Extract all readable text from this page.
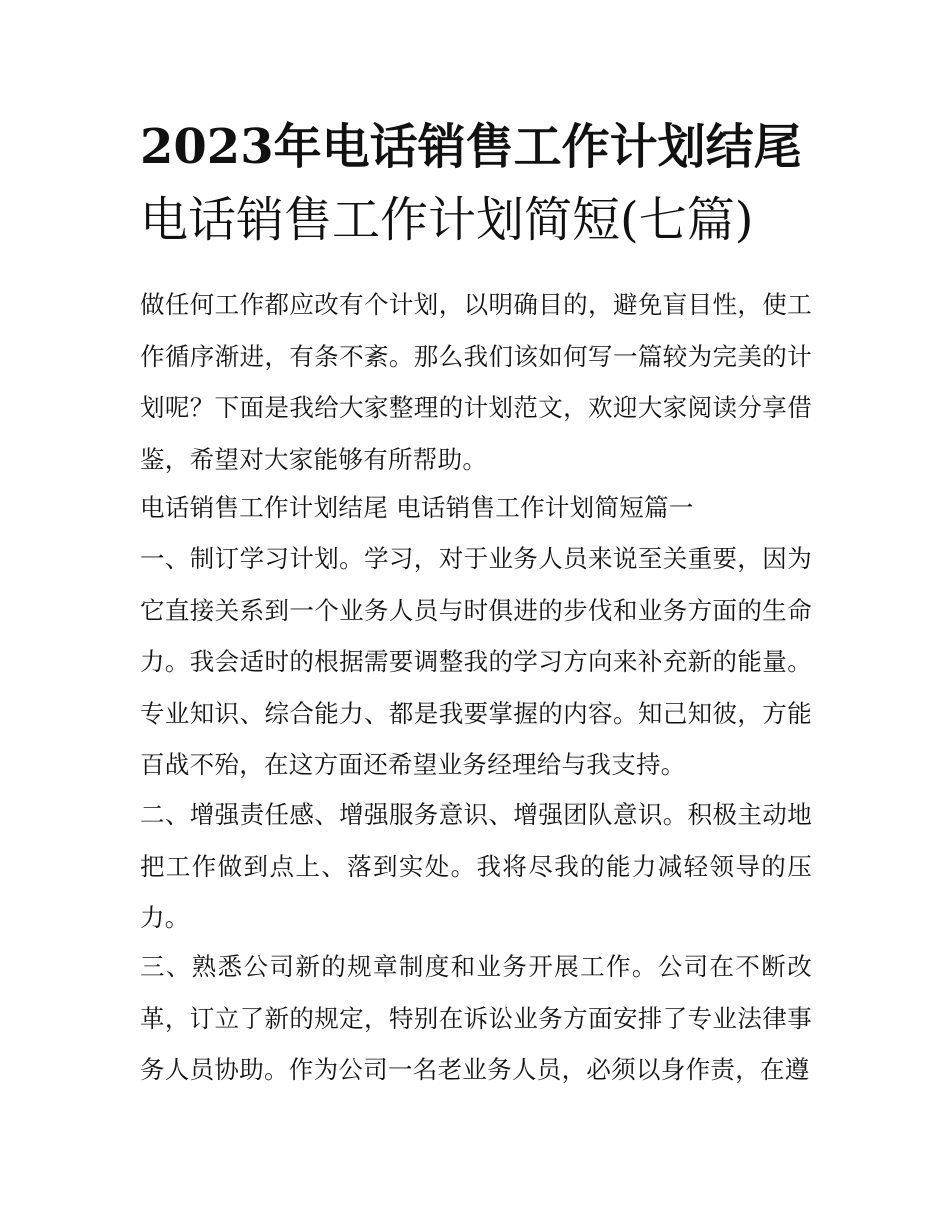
2023年电话销售工作计划结尾
电话销售工作计划简短(七篇)

做任何工作都应改有个计划，以明确目的，避免盲目性，使工作循序渐进，有条不紊。那么我们该如何写一篇较为完美的计划呢？下面是我给大家整理的计划范文，欢迎大家阅读分享借鉴，希望对大家能够有所帮助。

电话销售工作计划结尾 电话销售工作计划简短篇一

一、制订学习计划。学习，对于业务人员来说至关重要，因为它直接关系到一个业务人员与时俱进的步伐和业务方面的生命力。我会适时的根据需要调整我的学习方向来补充新的能量。专业知识、综合能力、都是我要掌握的内容。知己知彼，方能百战不殆，在这方面还希望业务经理给与我支持。

二、增强责任感、增强服务意识、增强团队意识。积极主动地把工作做到点上、落到实处。我将尽我的能力减轻领导的压力。

三、熟悉公司新的规章制度和业务开展工作。公司在不断改革，订立了新的规定，特别在诉讼业务方面安排了专业法律事务人员协助。作为公司一名老业务人员，必须以身作责，在遵
